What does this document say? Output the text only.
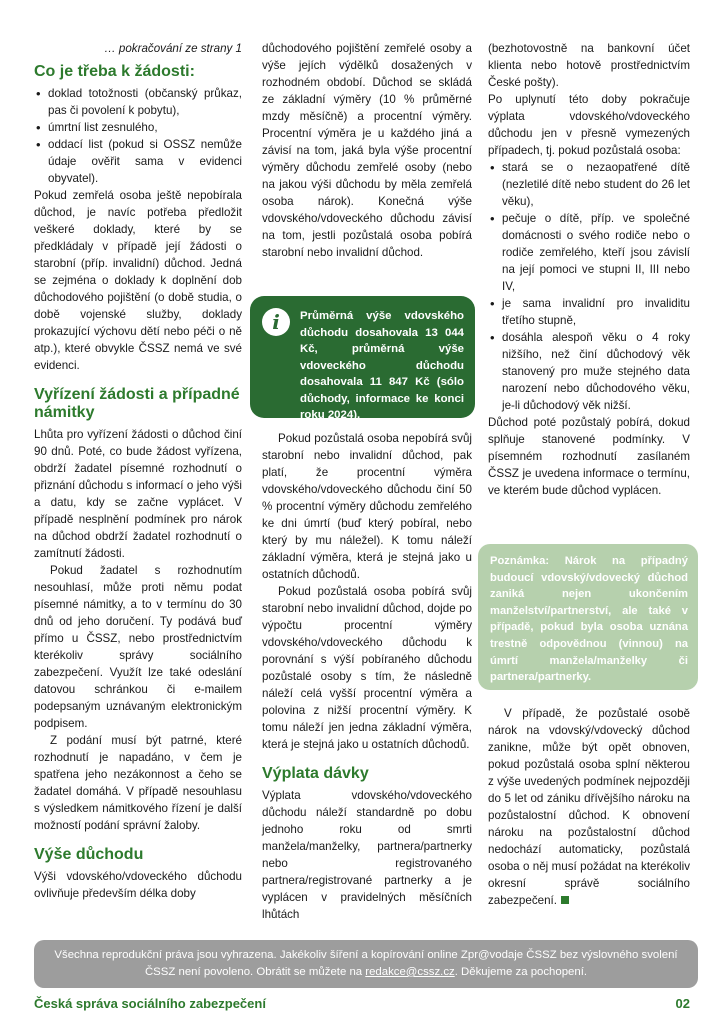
… pokračování ze strany 1

Co je třeba k žádosti:
• doklad totožnosti (občanský průkaz, pas či povolení k pobytu),
• úmrtní list zesnulého,
• oddací list (pokud si OSSZ nemůže údaje ověřit sama v evidenci obyvatel).

Pokud zemřelá osoba ještě nepobírala důchod, je navíc potřeba předložit veškeré doklady, které by se předkládaly v případě její žádosti o starobní (příp. invalidní) důchod. Jedná se zejména o doklady k doplnění dob důchodového pojištění (o době studia, o době vojenské služby, doklady prokazující výchovu dětí nebo péči o ně atp.), které obvykle ČSSZ nemá ve své evidenci.

Vyřízení žádosti a případné námitky

Lhůta pro vyřízení žádosti o důchod činí 90 dnů. Poté, co bude žádost vyřízena, obdrží žadatel písemné rozhodnutí o přiznání důchodu s informací o jeho výši a datu, kdy se začne vyplácet. V případě nesplnění podmínek pro nárok na důchod obdrží žadatel rozhodnutí o zamítnutí žádosti.

Pokud žadatel s rozhodnutím nesouhlasí, může proti němu podat písemné námitky, a to v termínu do 30 dnů od jeho doručení. Ty podává buď přímo u ČSSZ, nebo prostřednictvím kterékoliv správy sociálního zabezpečení. Využít lze také odeslání datovou schránkou či e-mailem podepsaným uznávaným elektronickým podpisem.

Z podání musí být patrné, které rozhodnutí je napadáno, v čem je spatřena jeho nezákonnost a čeho se žadatel domáhá. V případě nesouhlasu s výsledkem námitkového řízení je další možností podání správní žaloby.

Výše důchodu

Výši vdovského/vdoveckého důchodu ovlivňuje především délka doby

důchodového pojištění zemřelé osoby a výše jejích výdělků dosažených v rozhodném období. Důchod se skládá ze základní výměry (10 % průměrné mzdy měsíčně) a procentní výměry. Procentní výměra je u každého jiná a závisí na tom, jaká byla výše procentní výměry důchodu zemřelé osoby (nebo na jakou výši důchodu by měla zemřelá osoba nárok). Konečná výše vdovského/vdoveckého důchodu závisí na tom, jestli pozůstalá osoba pobírá starobní nebo invalidní důchod.

i	Průměrná výše vdovského důchodu dosahovala 13 044 Kč, průměrná výše vdoveckého důchodu dosahovala 11 847 Kč (sólo důchody, informace ke konci roku 2024).

Pokud pozůstalá osoba nepobírá svůj starobní nebo invalidní důchod, pak platí, že procentní výměra vdovského/vdoveckého důchodu činí 50 % procentní výměry důchodu zemřelého ke dni úmrtí (buď který pobíral, nebo který by mu náležel). K tomu náleží základní výměra, která je stejná jako u ostatních důchodů.

Pokud pozůstalá osoba pobírá svůj starobní nebo invalidní důchod, dojde po výpočtu procentní výměry vdovského/vdoveckého důchodu k porovnání s výší pobíraného důchodu pozůstalé osoby s tím, že následně náleží celá vyšší procentní výměra a polovina z nižší procentní výměry. K tomu náleží jen jedna základní výměra, která je stejná jako u ostatních důchodů.

Výplata dávky

Výplata vdovského/vdoveckého důchodu náleží standardně po dobu jednoho roku od smrti manžela/manželky, partnera/partnerky nebo registrovaného partnera/registrované partnerky a je vyplácen v pravidelných měsíčních lhůtách

(bezhotovostně na bankovní účet klienta nebo hotově prostřednictvím České pošty).

Po uplynutí této doby pokračuje výplata vdovského/vdoveckého důchodu jen v přesně vymezených případech, tj. pokud pozůstalá osoba:

• stará se o nezaopatřené dítě (nezletilé dítě nebo student do 26 let věku),
• pečuje o dítě, příp. ve společné domácnosti o svého rodiče nebo o rodiče zemřelého, kteří jsou závislí na její pomoci ve stupni II, III nebo IV,
• je sama invalidní pro invaliditu třetího stupně,
• dosáhla alespoň věku o 4 roky nižšího, než činí důchodový věk stanovený pro muže stejného data narození nebo důchodového věku, je-li důchodový věk nižší.

Důchod poté pozůstalý pobírá, dokud splňuje stanovené podmínky. V písemném rozhodnutí zasílaném ČSSZ je uvedena informace o termínu, ve kterém bude důchod vyplácen.

Poznámka: Nárok na případný budoucí vdovský/vdovecký důchod zaniká nejen ukončením manželství/partnerství, ale také v případě, pokud byla osoba uznána trestně odpovědnou (vinnou) na úmrtí manžela/manželky či partnera/partnerky.

V případě, že pozůstalé osobě nárok na vdovský/vdovecký důchod zanikne, může být opět obnoven, pokud pozůstalá osoba splní některou z výše uvedených podmínek nejpozději do 5 let od zániku dřívějšího nároku na pozůstalostní důchod. K obnovení nároku na pozůstalostní důchod nedochází automaticky, pozůstalá osoba o něj musí požádat na kterékoliv okresní správě sociálního zabezpečení.

Všechna reprodukční práva jsou vyhrazena. Jakékoliv šíření a kopírování online Zpr@vodaje ČSSZ bez výslovného svolení ČSSZ není povoleno. Obrátit se můžete na redakce@cssz.cz. Děkujeme za pochopení.
Česká správa sociálního zabezpečení	02
